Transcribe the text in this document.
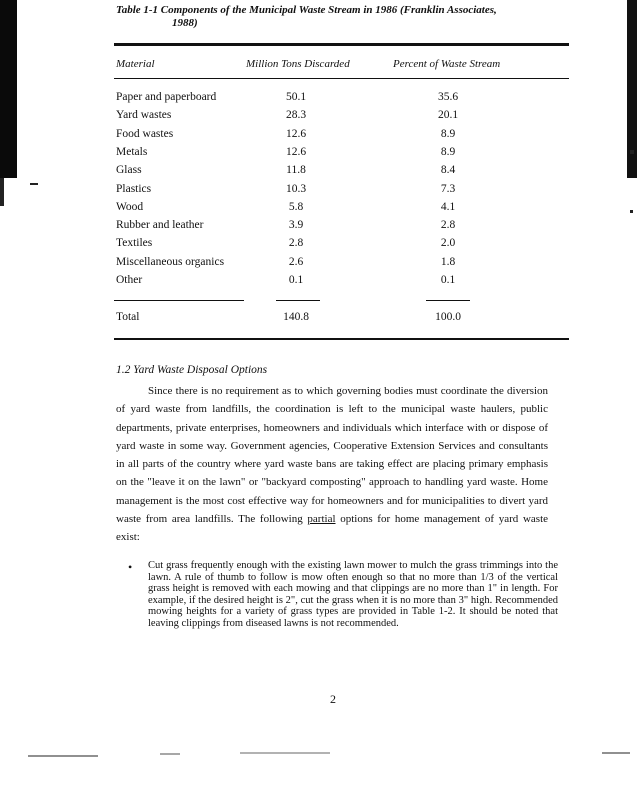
Table 1-1 Components of the Municipal Waste Stream in 1986 (Franklin Associates,
1988)
Material	Million Tons Discarded	Percent of Waste Stream
Paper and paperboard	50.1	35.6
Yard wastes	28.3	20.1
Food wastes	12.6	8.9
Metals	12.6	8.9
Glass	11.8	8.4
Plastics	10.3	7.3
Wood	5.8	4.1
Rubber and leather	3.9	2.8
Textiles	2.8	2.0
Miscellaneous organics	2.6	1.8
Other	0.1	0.1
Total	140.8	100.0
1.2 Yard Waste Disposal Options
Since there is no requirement as to which governing bodies must coordinate the diversion of yard waste from landfills, the coordination is left to the municipal waste haulers, public departments, private enterprises, homeowners and individuals which interface with or dispose of yard waste in some way. Government agencies, Cooperative Extension Services and consultants in all parts of the country where yard waste bans are taking effect are placing primary emphasis on the "leave it on the lawn" or "backyard composting" approach to handling yard waste. Home management is the most cost effective way for homeowners and for municipalities to divert yard waste from area landfills. The following partial options for home management of yard waste exist:
• Cut grass frequently enough with the existing lawn mower to mulch the grass trimmings into the lawn. A rule of thumb to follow is mow often enough so that no more than 1/3 of the vertical grass height is removed with each mowing and that clippings are no more than 1" in length. For example, if the desired height is 2", cut the grass when it is no more than 3" high. Recommended mowing heights for a variety of grass types are provided in Table 1-2. It should be noted that leaving clippings from diseased lawns is not recommended.
2
